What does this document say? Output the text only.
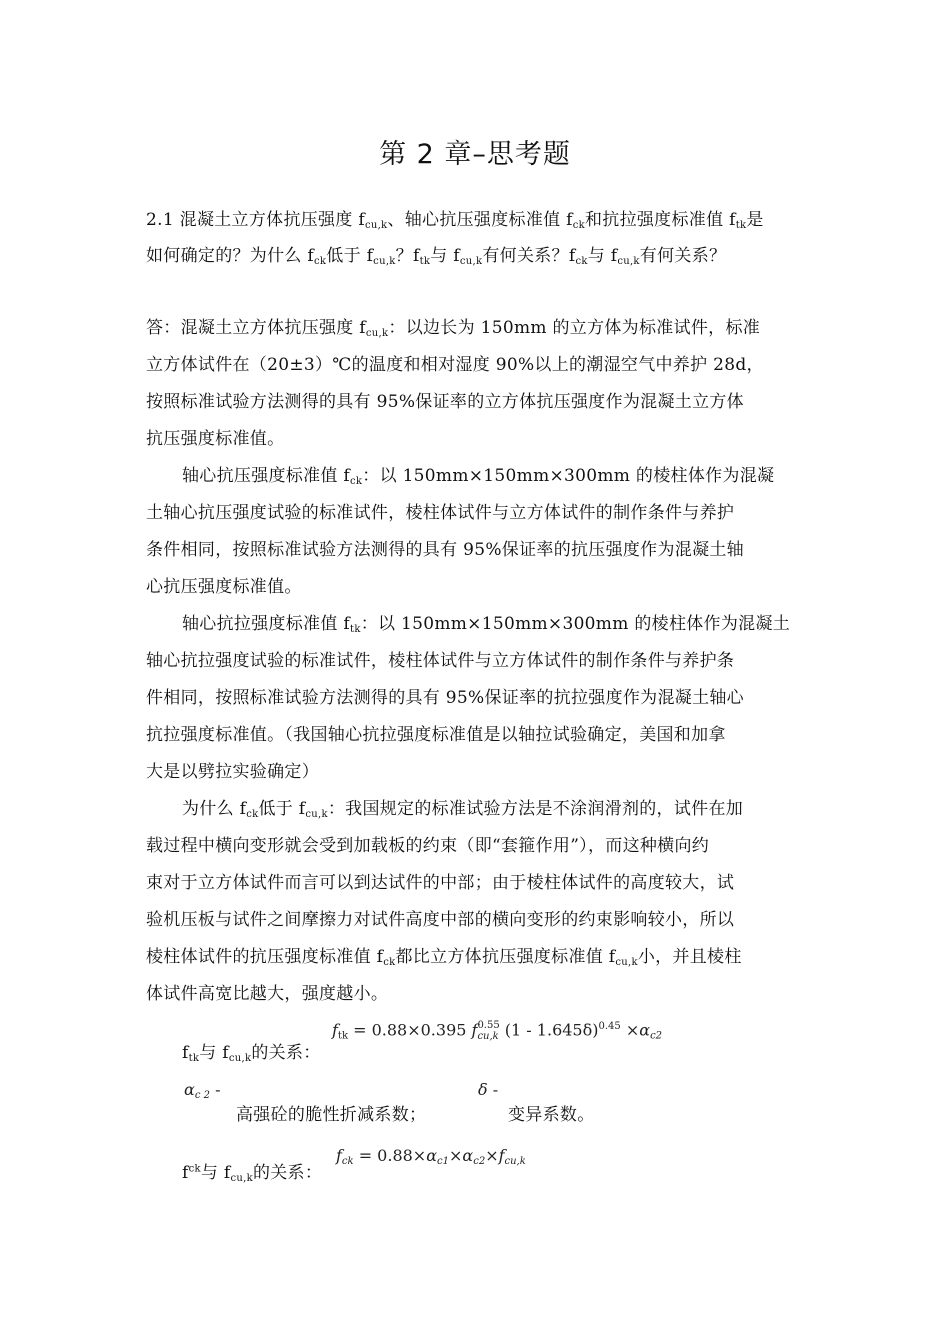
第 2 章–思考题
2.1 混凝土立方体抗压强度 $f_{cu,k}$、轴心抗压强度标准值 $f_{ck}$和抗拉强度标准值 $f_{tk}$是
如何确定的？为什么 $f_{ck}$低于 $f_{cu,k}$？$f_{tk}$与 $f_{cu,k}$有何关系？$f_{ck}$与 $f_{cu,k}$有何关系？
答：混凝土立方体抗压强度 $f_{cu,k}$：以边长为 150mm 的立方体为标准试件，标准
立方体试件在（20±3）℃的温度和相对湿度 90%以上的潮湿空气中养护 28d，
按照标准试验方法测得的具有 95%保证率的立方体抗压强度作为混凝土立方体
抗压强度标准值。
轴心抗压强度标准值 $f_{ck}$：以 150mm×150mm×300mm 的棱柱体作为混凝
土轴心抗压强度试验的标准试件，棱柱体试件与立方体试件的制作条件与养护
条件相同，按照标准试验方法测得的具有 95%保证率的抗压强度作为混凝土轴
心抗压强度标准值。
轴心抗拉强度标准值 $f_{tk}$：以 150mm×150mm×300mm 的棱柱体作为混凝土
轴心抗拉强度试验的标准试件，棱柱体试件与立方体试件的制作条件与养护条
件相同，按照标准试验方法测得的具有 95%保证率的抗拉强度作为混凝土轴心
抗拉强度标准值。（我国轴心抗拉强度标准值是以轴拉试验确定，美国和加拿
大是以劈拉实验确定）
为什么 $f_{ck}$低于 $f_{cu,k}$：我国规定的标准试验方法是不涂润滑剂的，试件在加
载过程中横向变形就会受到加载板的约束（即“套箍作用”），而这种横向约
束对于立方体试件而言可以到达试件的中部；由于棱柱体试件的高度较大，试
验机压板与试件之间摩擦力对试件高度中部的横向变形的约束影响较小，所以
棱柱体试件的抗压强度标准值 $f_{ck}$都比立方体抗压强度标准值 $f_{cu,k}$小，并且棱柱
体试件高宽比越大，强度越小。
$f_{tk}$与 $f_{cu,k}$的关系：
$f_{tk} = 0.88\times 0.395$ f 0.55
cu,k $(1 - 1.645\delta)^{0.45} \times\alpha_{c2}$
$\alpha_{c 2}$ -
高强砼的脆性折减系数；
δ -
变异系数。
$f^{ck}$与 $f_{cu,k}$的关系：
$f_{ck} = 0.88\times\alpha_{c1}\times\alpha_{c2}\times f_{cu,k}$
